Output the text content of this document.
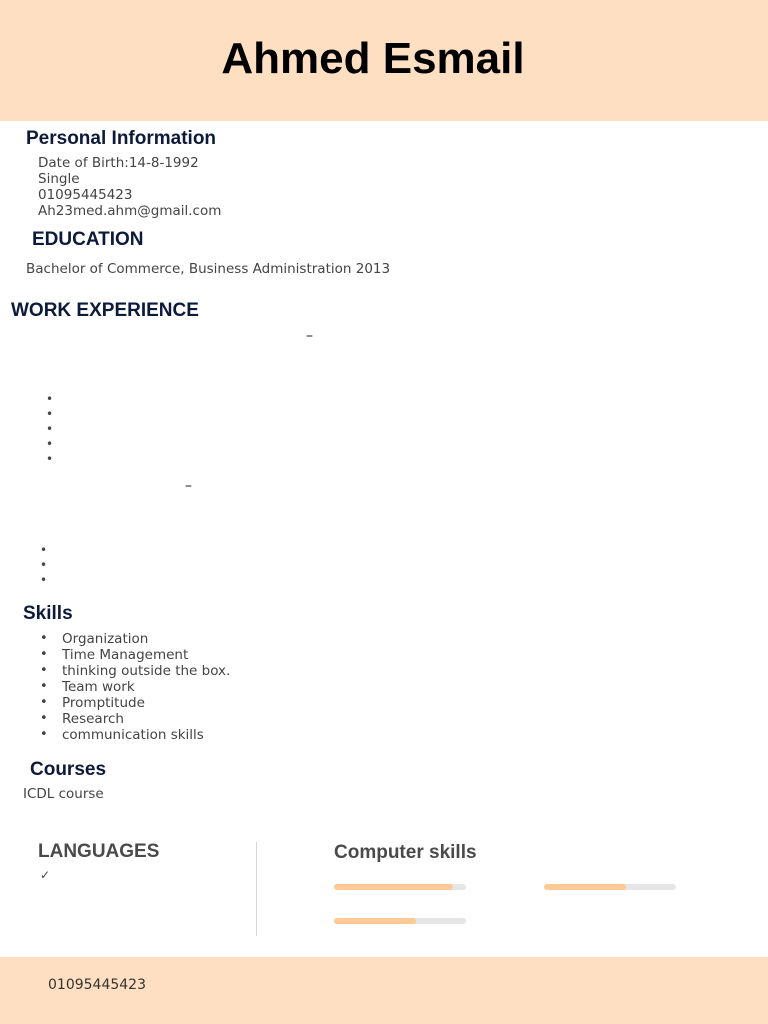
Ahmed Esmail
Personal Information
Date of Birth:14-8-1992
Single
01095445423
Ah23med.ahm@gmail.com
EDUCATION
Bachelor of Commerce, Business Administration 2013
WORK EXPERIENCE
–
•
•
•
•
•
–
•
•
•
Skills
• Organization
• Time Management
• thinking outside the box.
• Team work
• Promptitude
• Research
• communication skills
Courses
ICDL course
LANGUAGES
✓
Computer skills
01095445423
